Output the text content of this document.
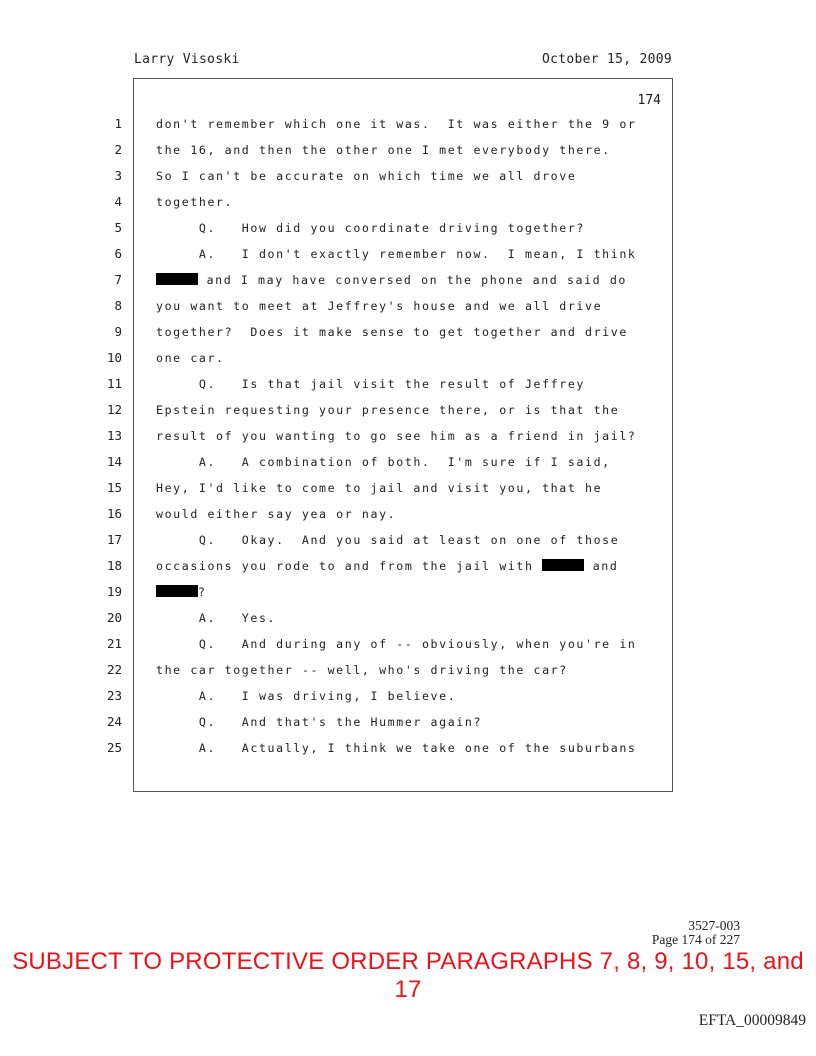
Larry Visoski	October 15, 2009
174
1	don't remember which one it was.  It was either the 9 or
2	the 16, and then the other one I met everybody there.
3	So I can't be accurate on which time we all drove
4	together.
5	Q.   How did you coordinate driving together?
6	A.   I don't exactly remember now.  I mean, I think
7	and I may have conversed on the phone and said do
8	you want to meet at Jeffrey's house and we all drive
9	together?  Does it make sense to get together and drive
10	one car.
11	Q.   Is that jail visit the result of Jeffrey
12	Epstein requesting your presence there, or is that the
13	result of you wanting to go see him as a friend in jail?
14	A.   A combination of both.  I'm sure if I said,
15	Hey, I'd like to come to jail and visit you, that he
16	would either say yea or nay.
17	Q.   Okay.  And you said at least on one of those
18	occasions you rode to and from the jail with	and
19	?
20	A.   Yes.
21	Q.   And during any of -- obviously, when you're in
22	the car together -- well, who's driving the car?
23	A.   I was driving, I believe.
24	Q.   And that's the Hummer again?
25	A.   Actually, I think we take one of the suburbans
3527-003
Page 174 of 227
SUBJECT TO PROTECTIVE ORDER PARAGRAPHS 7, 8, 9, 10, 15, and 17
EFTA_00009849
